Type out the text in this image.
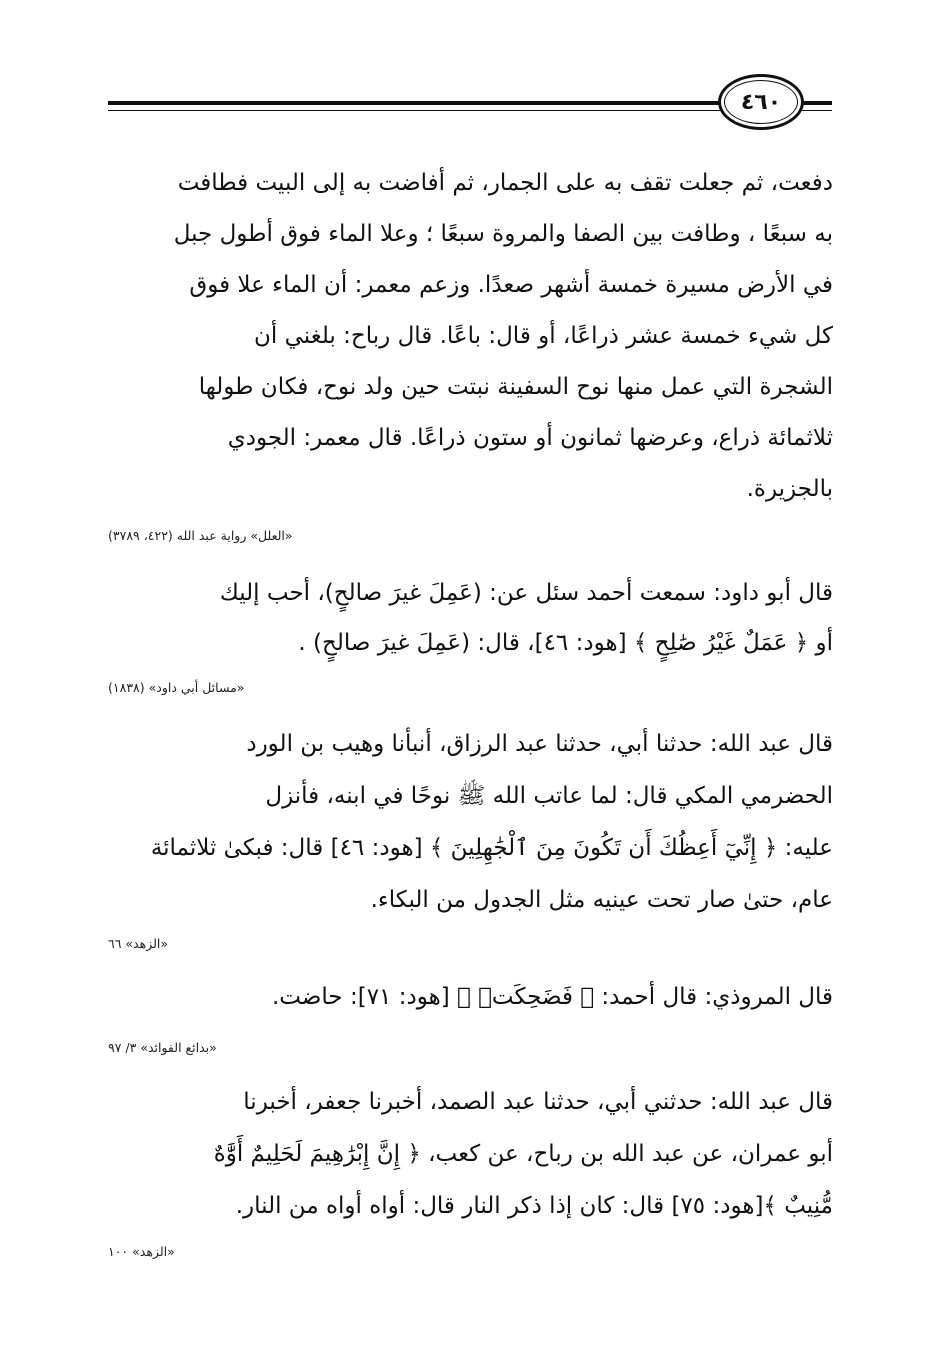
٤٦٠
دفعت، ثم جعلت تقف به على الجمار، ثم أفاضت به إلى البيت فطافت
به سبعًا ، وطافت بين الصفا والمروة سبعًا ؛ وعلا الماء فوق أطول جبل
في الأرض مسيرة خمسة أشهر صعدًا. وزعم معمر: أن الماء علا فوق
كل شيء خمسة عشر ذراعًا، أو قال: باعًا. قال رباح: بلغني أن
الشجرة التي عمل منها نوح السفينة نبتت حين ولد نوح، فكان طولها
ثلاثمائة ذراع، وعرضها ثمانون أو ستون ذراعًا. قال معمر: الجودي
بالجزيرة.
«العلل» رواية عبد الله (٤٢٢، ٣٧٨٩)
قال أبو داود: سمعت أحمد سئل عن: (عَمِلَ غيرَ صالحٍ)، أحب إليك
أو ﴿ عَمَلٌ غَيْرُ صَٰلِحٍ ﴾ [هود: ٤٦]، قال: (عَمِلَ غيرَ صالحٍ) .
«مسائل أبي داود» (١٨٣٨)
قال عبد الله: حدثنا أبي، حدثنا عبد الرزاق، أنبأنا وهيب بن الورد
الحضرمي المكي قال: لما عاتب الله ﷺ نوحًا في ابنه، فأنزل
عليه: ﴿ إِنِّيٓ أَعِظُكَ أَن تَكُونَ مِنَ ٱلْجَٰهِلِينَ ﴾ [هود: ٤٦] قال: فبكىٰ ثلاثمائة
عام، حتىٰ صار تحت عينيه مثل الجدول من البكاء.
«الزهد» ٦٦
قال المروذي: قال أحمد: ﴿ فَضَحِكَتۡ ﴾ [هود: ٧١]: حاضت.
«بدائع الفوائد» ٣/ ٩٧
قال عبد الله: حدثني أبي، حدثنا عبد الصمد، أخبرنا جعفر، أخبرنا
أبو عمران، عن عبد الله بن رباح، عن كعب، ﴿ إِنَّ إِبْرَٰهِيمَ لَحَلِيمٌ أَوَّٰهٌ
مُّنِيبٌ ﴾[هود: ٧٥] قال: كان إذا ذكر النار قال: أواه أواه من النار.
«الزهد» ١٠٠
